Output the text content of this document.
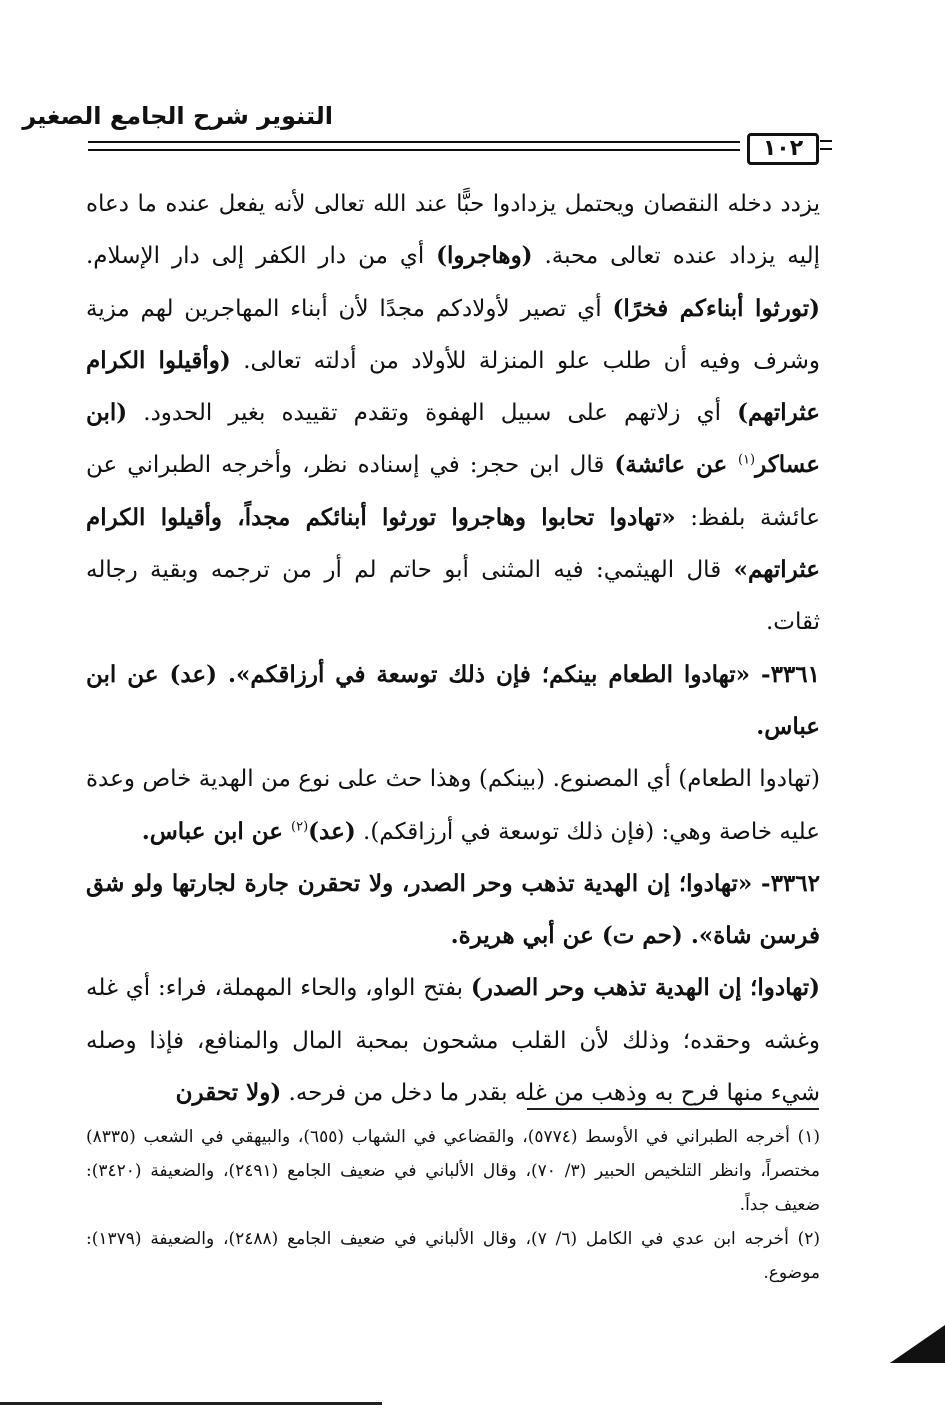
التنوير شرح الجامع الصغير
١٠٢

يزدد دخله النقصان ويحتمل يزدادوا حبًّا عند الله تعالى لأنه يفعل عنده ما دعاه إليه يزداد عنده تعالى محبة. (وهاجروا) أي من دار الكفر إلى دار الإسلام. (تورثوا أبناءكم فخرًا) أي تصير لأولادكم مجدًا لأن أبناء المهاجرين لهم مزية وشرف وفيه أن طلب علو المنزلة للأولاد من أدلته تعالى. (وأقيلوا الكرام عثراتهم) أي زلاتهم على سبيل الهفوة وتقدم تقييده بغير الحدود. (ابن عساكر$^{(١)}$ عن عائشة) قال ابن حجر: في إسناده نظر، وأخرجه الطبراني عن عائشة بلفظ: «تهادوا تحابوا وهاجروا تورثوا أبنائكم مجداً، وأقيلوا الكرام عثراتهم» قال الهيثمي: فيه المثنى أبو حاتم لم أر من ترجمه وبقية رجاله ثقات.

٣٣٦١- «تهادوا الطعام بينكم؛ فإن ذلك توسعة في أرزاقكم». (عد) عن ابن عباس.

(تهادوا الطعام) أي المصنوع. (بينكم) وهذا حث على نوع من الهدية خاص وعدة عليه خاصة وهي: (فإن ذلك توسعة في أرزاقكم). (عد)$^{(٢)}$ عن ابن عباس.

٣٣٦٢- «تهادوا؛ إن الهدية تذهب وحر الصدر، ولا تحقرن جارة لجارتها ولو شق فرسن شاة». (حم ت) عن أبي هريرة.

(تهادوا؛ إن الهدية تذهب وحر الصدر) بفتح الواو، والحاء المهملة، فراء: أي غله وغشه وحقده؛ وذلك لأن القلب مشحون بمحبة المال والمنافع، فإذا وصله شيء منها فرح به وذهب من غله بقدر ما دخل من فرحه. (ولا تحقرن

(١) أخرجه الطبراني في الأوسط (٥٧٧٤)، والقضاعي في الشهاب (٦٥٥)، والبيهقي في الشعب (٨٣٣٥) مختصراً، وانظر التلخيص الحبير (٣/ ٧٠)، وقال الألباني في ضعيف الجامع (٢٤٩١)، والضعيفة (٣٤٢٠): ضعيف جداً.

(٢) أخرجه ابن عدي في الكامل (٦/ ٧)، وقال الألباني في ضعيف الجامع (٢٤٨٨)، والضعيفة (١٣٧٩): موضوع.
